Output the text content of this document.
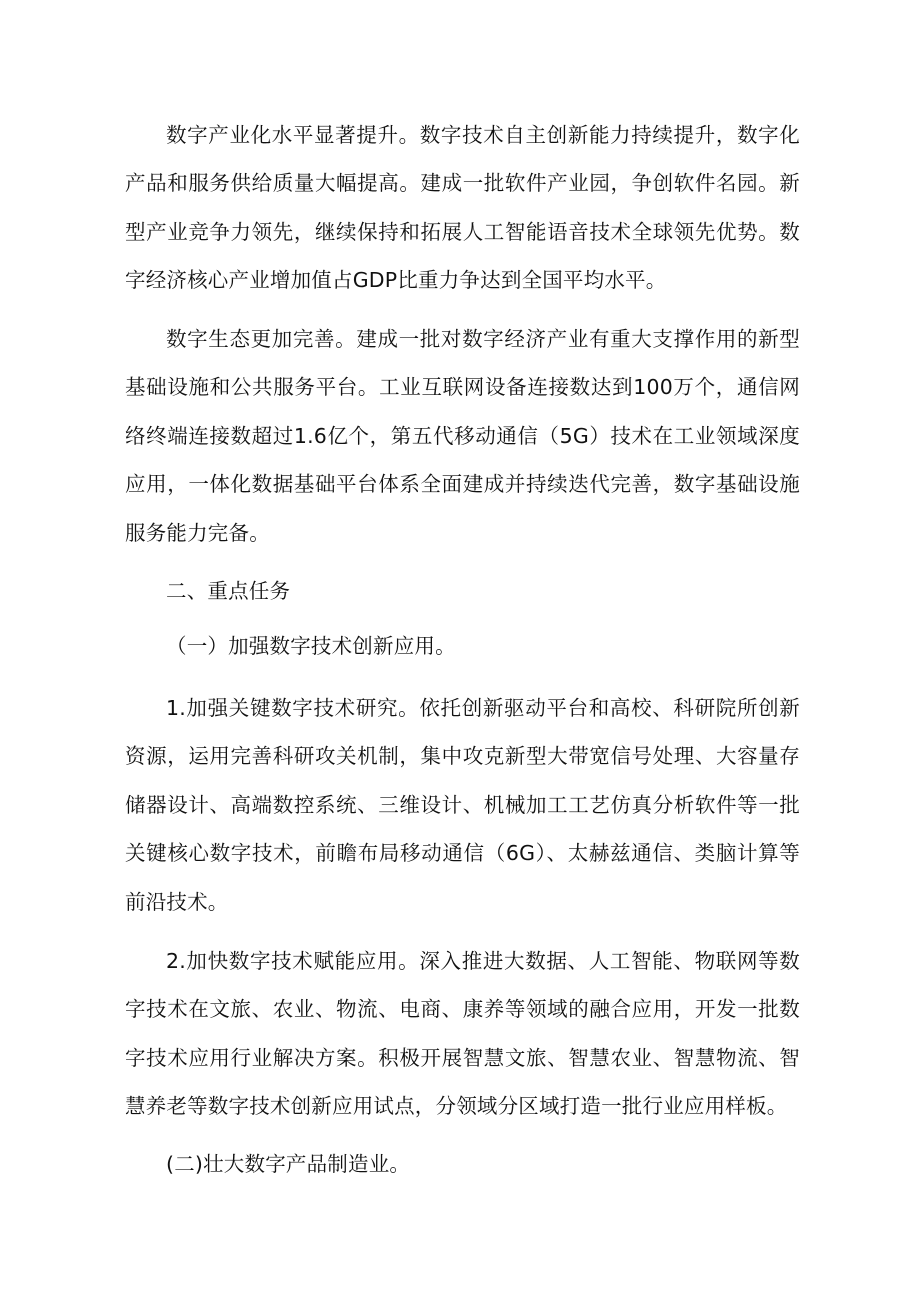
数字产业化水平显著提升。数字技术自主创新能力持续提升，数字化产品和服务供给质量大幅提高。建成一批软件产业园，争创软件名园。新型产业竞争力领先，继续保持和拓展人工智能语音技术全球领先优势。数字经济核心产业增加值占GDP比重力争达到全国平均水平。

数字生态更加完善。建成一批对数字经济产业有重大支撑作用的新型基础设施和公共服务平台。工业互联网设备连接数达到100万个，通信网络终端连接数超过1.6亿个，第五代移动通信（5G）技术在工业领域深度应用，一体化数据基础平台体系全面建成并持续迭代完善，数字基础设施服务能力完备。

二、重点任务

（一）加强数字技术创新应用。

1.加强关键数字技术研究。依托创新驱动平台和高校、科研院所创新资源，运用完善科研攻关机制，集中攻克新型大带宽信号处理、大容量存储器设计、高端数控系统、三维设计、机械加工工艺仿真分析软件等一批关键核心数字技术，前瞻布局移动通信（6G）、太赫兹通信、类脑计算等前沿技术。

2.加快数字技术赋能应用。深入推进大数据、人工智能、物联网等数字技术在文旅、农业、物流、电商、康养等领域的融合应用，开发一批数字技术应用行业解决方案。积极开展智慧文旅、智慧农业、智慧物流、智慧养老等数字技术创新应用试点，分领域分区域打造一批行业应用样板。

(二)壮大数字产品制造业。
